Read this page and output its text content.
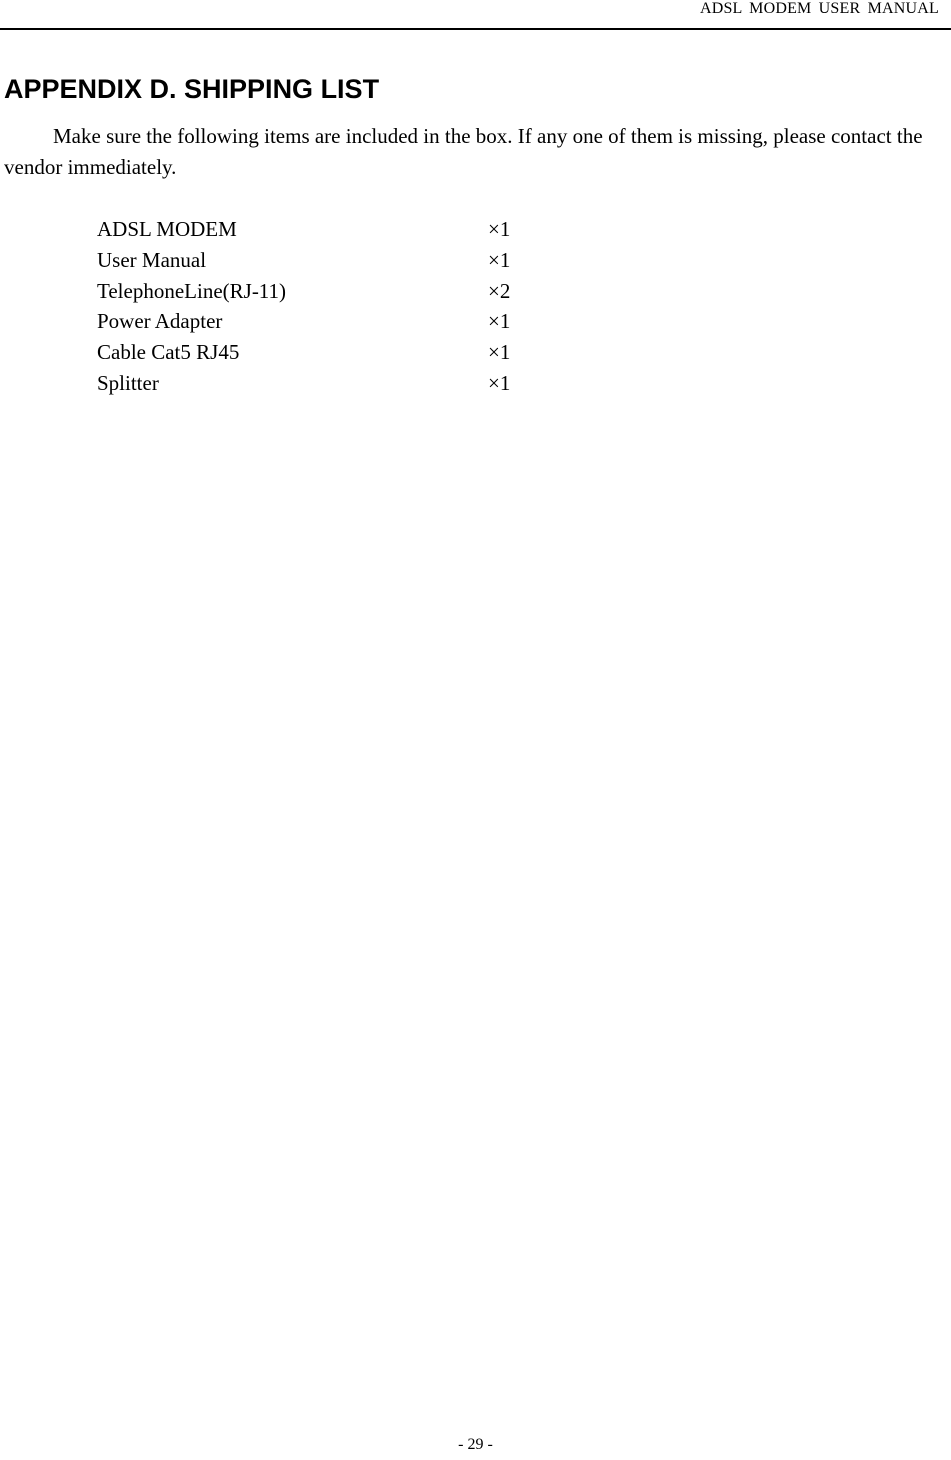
ADSL MODEM USER MANUAL
APPENDIX D. SHIPPING LIST

Make sure the following items are included in the box. If any one of them is missing, please contact the vendor immediately.

ADSL MODEM	×1
User Manual	×1
TelephoneLine(RJ-11)	×2
Power Adapter	×1
Cable Cat5 RJ45	×1
Splitter	×1
- 29 -
